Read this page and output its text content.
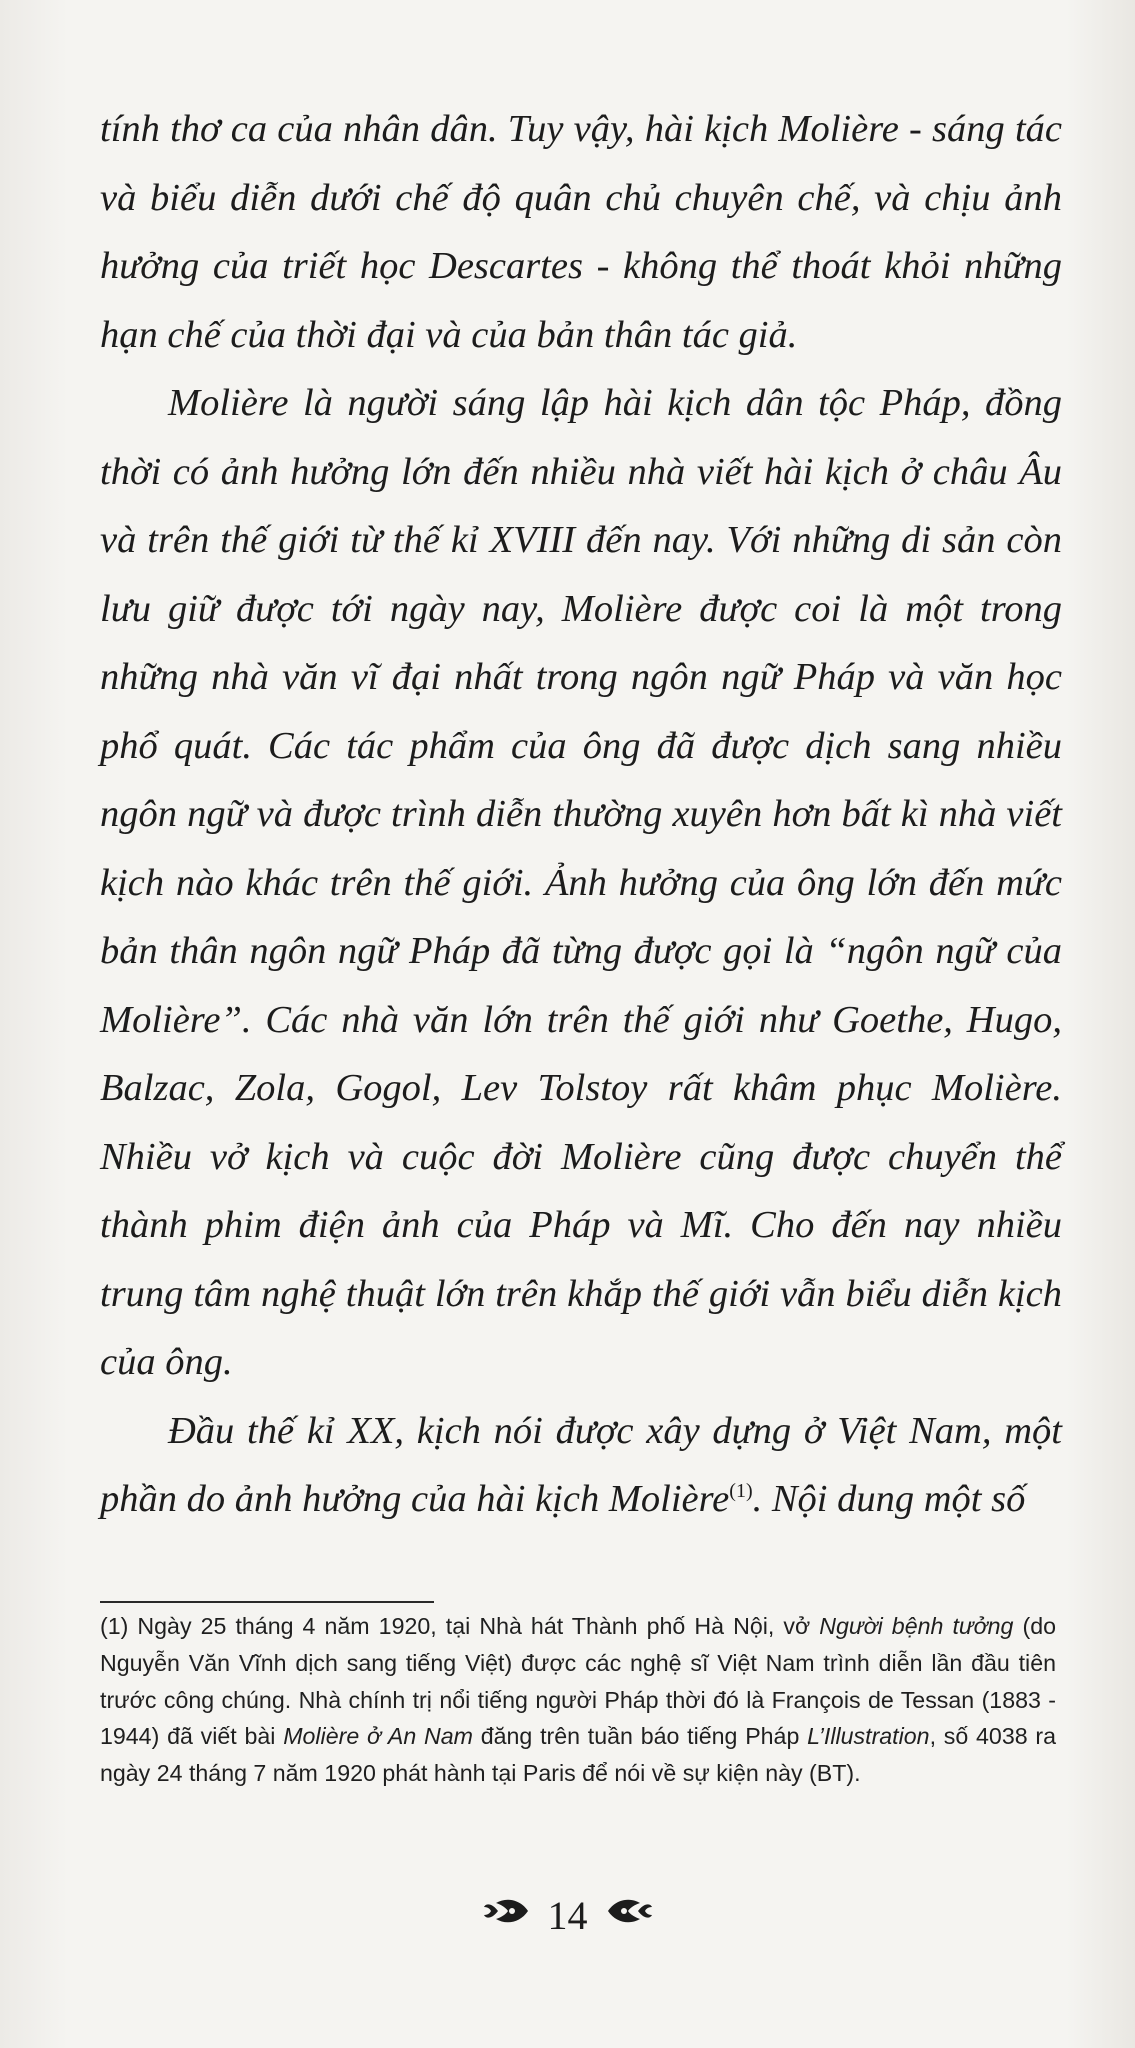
tính thơ ca của nhân dân. Tuy vậy, hài kịch Molière - sáng tác và biểu diễn dưới chế độ quân chủ chuyên chế, và chịu ảnh hưởng của triết học Descartes - không thể thoát khỏi những hạn chế của thời đại và của bản thân tác giả.

Molière là người sáng lập hài kịch dân tộc Pháp, đồng thời có ảnh hưởng lớn đến nhiều nhà viết hài kịch ở châu Âu và trên thế giới từ thế kỉ XVIII đến nay. Với những di sản còn lưu giữ được tới ngày nay, Molière được coi là một trong những nhà văn vĩ đại nhất trong ngôn ngữ Pháp và văn học phổ quát. Các tác phẩm của ông đã được dịch sang nhiều ngôn ngữ và được trình diễn thường xuyên hơn bất kì nhà viết kịch nào khác trên thế giới. Ảnh hưởng của ông lớn đến mức bản thân ngôn ngữ Pháp đã từng được gọi là “ngôn ngữ của Molière”. Các nhà văn lớn trên thế giới như Goethe, Hugo, Balzac, Zola, Gogol, Lev Tolstoy rất khâm phục Molière. Nhiều vở kịch và cuộc đời Molière cũng được chuyển thể thành phim điện ảnh của Pháp và Mĩ. Cho đến nay nhiều trung tâm nghệ thuật lớn trên khắp thế giới vẫn biểu diễn kịch của ông.

Đầu thế kỉ XX, kịch nói được xây dựng ở Việt Nam, một phần do ảnh hưởng của hài kịch Molière$^{(1)}$. Nội dung một số

(1) Ngày 25 tháng 4 năm 1920, tại Nhà hát Thành phố Hà Nội, vở Người bệnh tưởng (do Nguyễn Văn Vĩnh dịch sang tiếng Việt) được các nghệ sĩ Việt Nam trình diễn lần đầu tiên trước công chúng. Nhà chính trị nổi tiếng người Pháp thời đó là François de Tessan (1883 - 1944) đã viết bài Molière ở An Nam đăng trên tuần báo tiếng Pháp L’Illustration, số 4038 ra ngày 24 tháng 7 năm 1920 phát hành tại Paris để nói về sự kiện này (BT).

14
